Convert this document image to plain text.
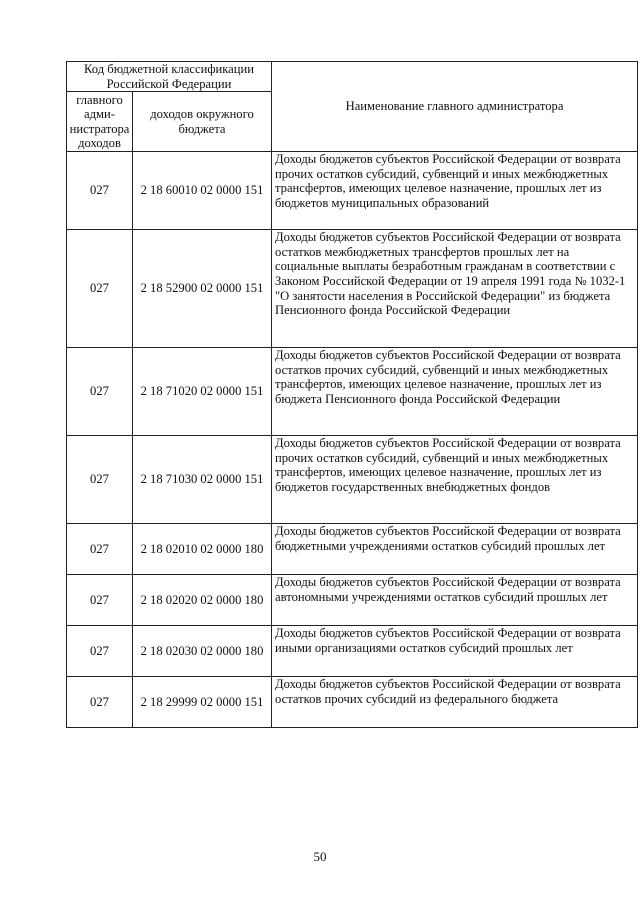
Код бюджетной классификации Российской Федерации		Наименование главного администратора
главного адми-нистратора доходов	доходов окружного бюджета	
027	2 18 60010 02 0000 151	Доходы бюджетов субъектов Российской Федерации от возврата прочих остатков субсидий, субвенций и иных межбюджетных трансфертов, имеющих целевое назначение, прошлых лет из бюджетов муниципальных образований
027	2 18 52900 02 0000 151	Доходы бюджетов субъектов Российской Федерации от возврата остатков межбюджетных трансфертов прошлых лет на социальные выплаты безработным гражданам в соответствии с Законом Российской Федерации от 19 апреля 1991 года № 1032-1 "О занятости населения в Российской Федерации" из бюджета Пенсионного фонда Российской Федерации
027	2 18 71020 02 0000 151	Доходы бюджетов субъектов Российской Федерации от возврата остатков прочих субсидий, субвенций и иных межбюджетных трансфертов, имеющих целевое назначение, прошлых лет из бюджета Пенсионного фонда Российской Федерации
027	2 18 71030 02 0000 151	Доходы бюджетов субъектов Российской Федерации от возврата прочих остатков субсидий, субвенций и иных межбюджетных трансфертов, имеющих целевое назначение, прошлых лет из бюджетов государственных внебюджетных фондов
027	2 18 02010 02 0000 180	Доходы бюджетов субъектов Российской Федерации от возврата бюджетными учреждениями остатков субсидий прошлых лет
027	2 18 02020 02 0000 180	Доходы бюджетов субъектов Российской Федерации от возврата автономными учреждениями остатков субсидий прошлых лет
027	2 18 02030 02 0000 180	Доходы бюджетов субъектов Российской Федерации от возврата иными организациями остатков субсидий прошлых лет
027	2 18 29999 02 0000 151	Доходы бюджетов субъектов Российской Федерации от возврата остатков прочих субсидий из федерального бюджета
50
